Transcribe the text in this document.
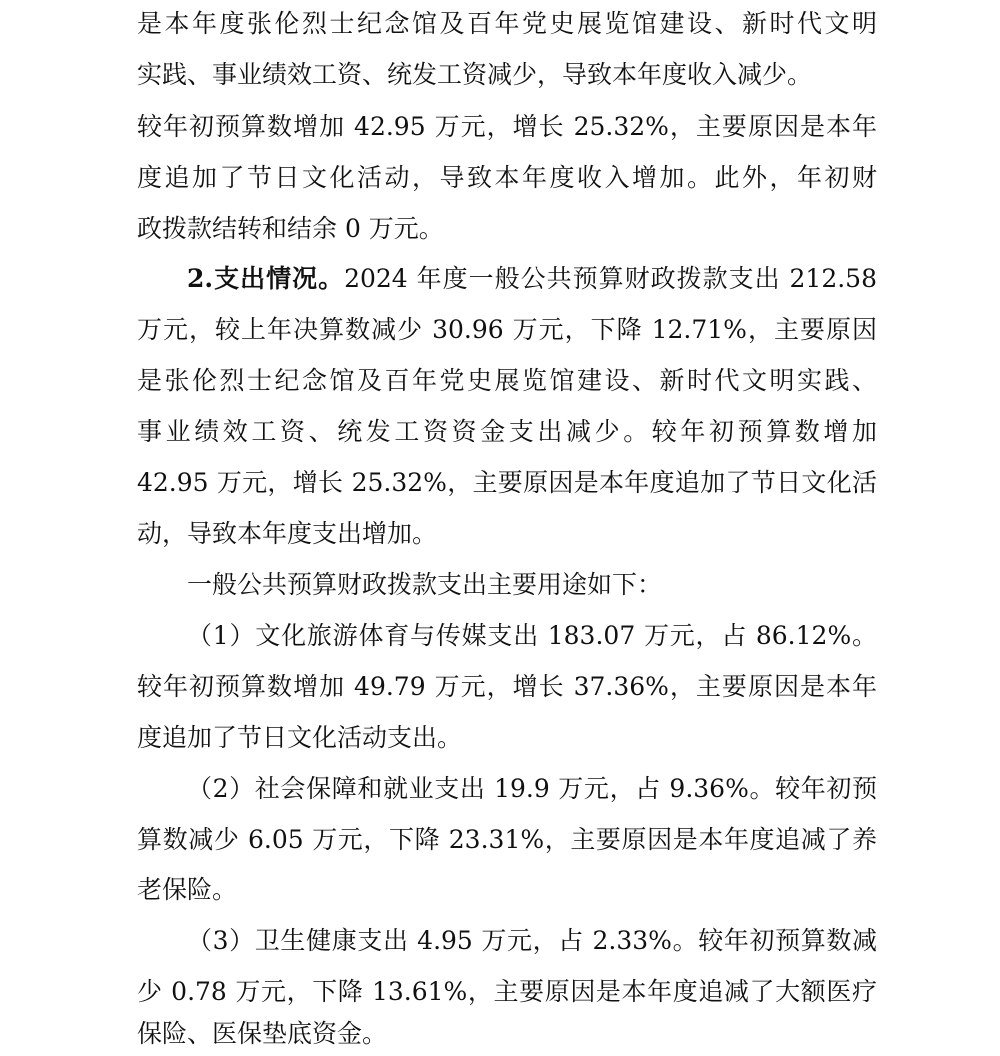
是本年度张伦烈士纪念馆及百年党史展览馆建设、新时代文明
实践、事业绩效工资、统发工资减少，导致本年度收入减少。
较年初预算数增加 42.95 万元，增长 25.32%，主要原因是本年
度追加了节日文化活动，导致本年度收入增加。此外，年初财
政拨款结转和结余 0 万元。
2.支出情况。2024 年度一般公共预算财政拨款支出 212.58
万元，较上年决算数减少 30.96 万元，下降 12.71%，主要原因
是张伦烈士纪念馆及百年党史展览馆建设、新时代文明实践、
事业绩效工资、统发工资资金支出减少。较年初预算数增加
42.95 万元，增长 25.32%，主要原因是本年度追加了节日文化活
动，导致本年度支出增加。
一般公共预算财政拨款支出主要用途如下：
（1）文化旅游体育与传媒支出 183.07 万元，占 86.12%。
较年初预算数增加 49.79 万元，增长 37.36%，主要原因是本年
度追加了节日文化活动支出。
（2）社会保障和就业支出 19.9 万元，占 9.36%。较年初预
算数减少 6.05 万元，下降 23.31%，主要原因是本年度追减了养
老保险。
（3）卫生健康支出 4.95 万元，占 2.33%。较年初预算数减
少 0.78 万元，下降 13.61%，主要原因是本年度追减了大额医疗
保险、医保垫底资金。
